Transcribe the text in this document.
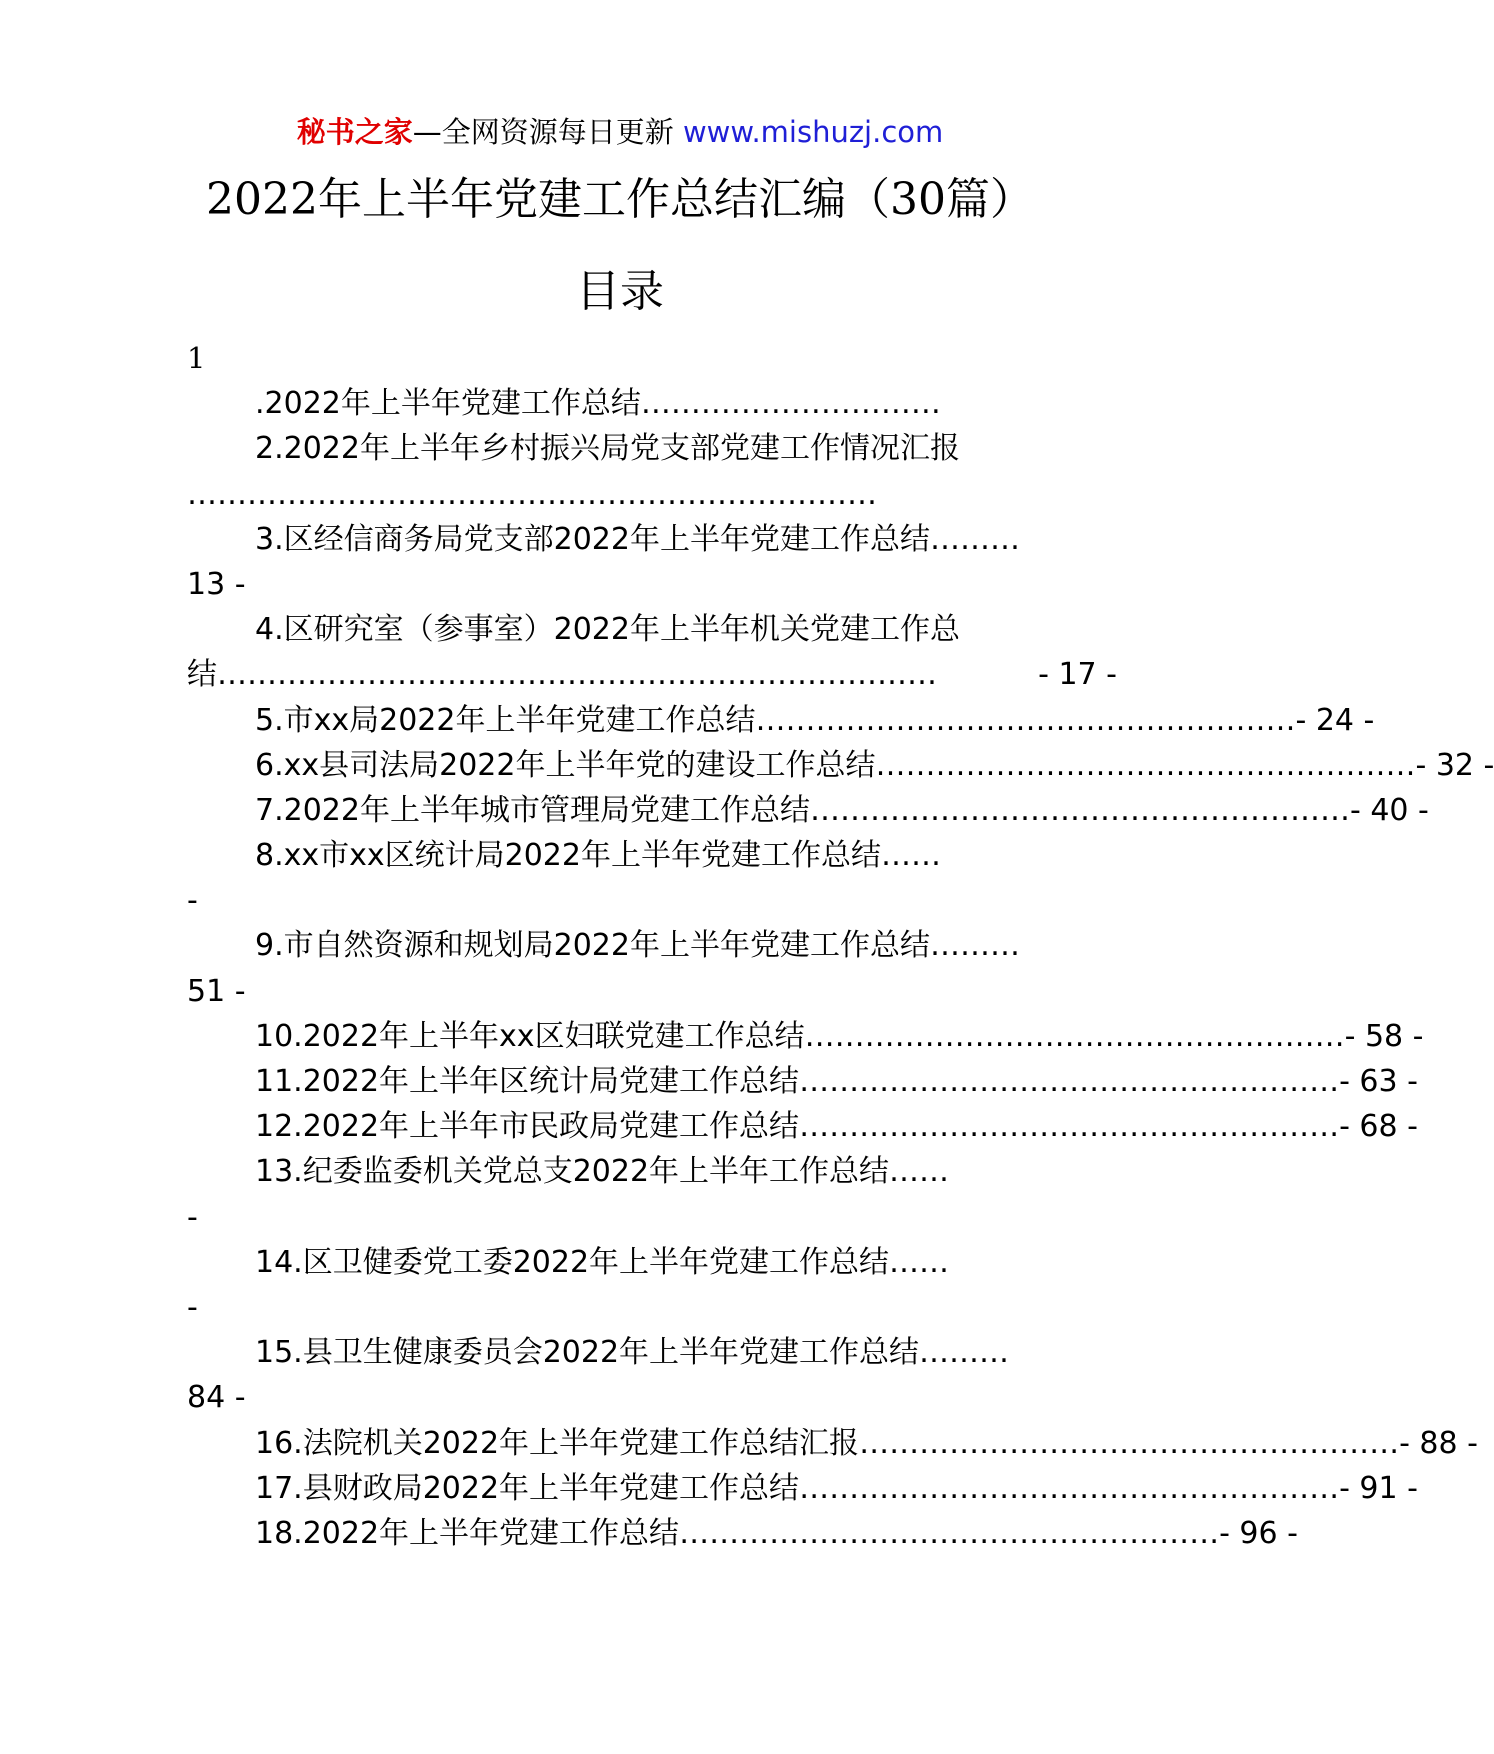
秘书之家—全网资源每日更新 www.mishuzj.com
2022年上半年党建工作总结汇编（30篇）
目录
1
.2022年上半年党建工作总结…………………………
2.2022年上半年乡村振兴局党支部党建工作情况汇报
……………………………………………………………
3.区经信商务局党支部2022年上半年党建工作总结………
13 -
4.区研究室（参事室）2022年上半年机关党建工作总
结 ………………………………………………………………	- 17 -
5.市xx局2022年上半年党建工作总结 ……………………………………………… - 24 -
6.xx县司法局2022年上半年党的建设工作总结 ……………………………………………… - 32 -
7.2022年上半年城市管理局党建工作总结 ……………………………………………… - 40 -
8.xx市xx区统计局2022年上半年党建工作总结……
-
9.市自然资源和规划局2022年上半年党建工作总结………
51 -
10.2022年上半年xx区妇联党建工作总结 ……………………………………………… - 58 -
11.2022年上半年区统计局党建工作总结 ……………………………………………… - 63 -
12.2022年上半年市民政局党建工作总结 ……………………………………………… - 68 -
13.纪委监委机关党总支2022年上半年工作总结……
-
14.区卫健委党工委2022年上半年党建工作总结……
-
15.县卫生健康委员会2022年上半年党建工作总结………
84 -
16.法院机关2022年上半年党建工作总结汇报 ……………………………………………… - 88 -
17.县财政局2022年上半年党建工作总结 ……………………………………………… - 91 -
18.2022年上半年党建工作总结 ……………………………………………… - 96 -
